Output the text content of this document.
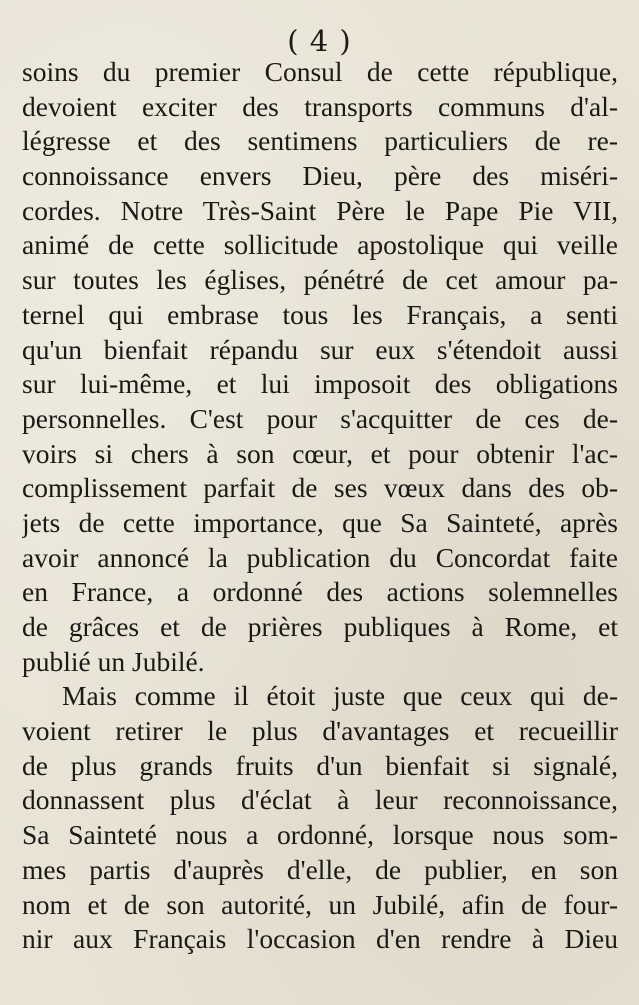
( 4 )
soins du premier Consul de cette république,
devoient exciter des transports communs d'al-
légresse et des sentimens particuliers de re-
connoissance envers Dieu, père des miséri-
cordes. Notre Très-Saint Père le Pape Pie VII,
animé de cette sollicitude apostolique qui veille
sur toutes les églises, pénétré de cet amour pa-
ternel qui embrase tous les Français, a senti
qu'un bienfait répandu sur eux s'étendoit aussi
sur lui-même, et lui imposoit des obligations
personnelles. C'est pour s'acquitter de ces de-
voirs si chers à son cœur, et pour obtenir l'ac-
complissement parfait de ses vœux dans des ob-
jets de cette importance, que Sa Sainteté, après
avoir annoncé la publication du Concordat faite
en France, a ordonné des actions solemnelles
de grâces et de prières publiques à Rome, et
publié un Jubilé.
Mais comme il étoit juste que ceux qui de-
voient retirer le plus d'avantages et recueillir
de plus grands fruits d'un bienfait si signalé,
donnassent plus d'éclat à leur reconnoissance,
Sa Sainteté nous a ordonné, lorsque nous som-
mes partis d'auprès d'elle, de publier, en son
nom et de son autorité, un Jubilé, afin de four-
nir aux Français l'occasion d'en rendre à Dieu
